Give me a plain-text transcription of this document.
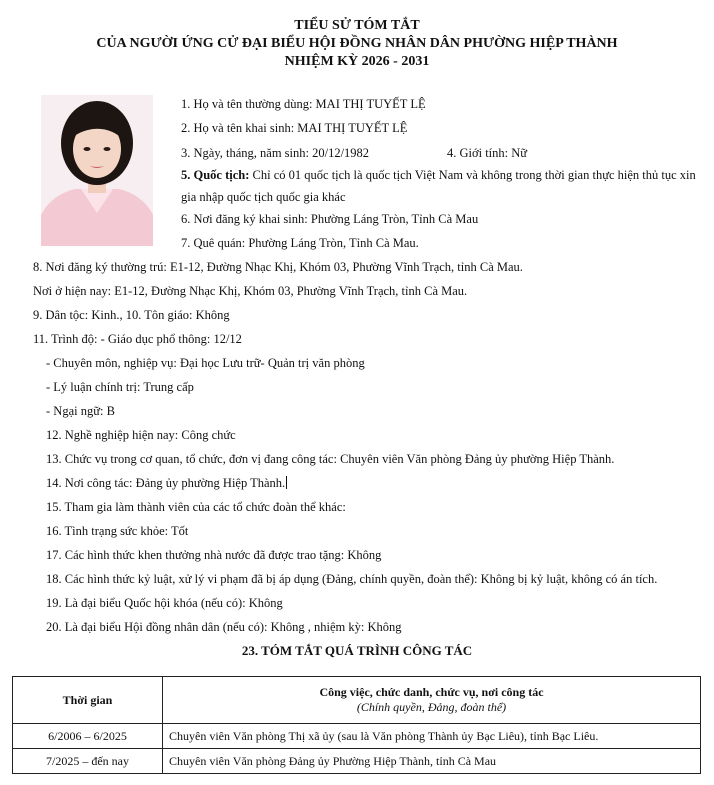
TIỂU SỬ TÓM TẮT
CỦA NGƯỜI ỨNG CỬ ĐẠI BIỂU HỘI ĐỒNG NHÂN DÂN PHƯỜNG HIỆP THÀNH
NHIỆM KỲ 2026 - 2031
1. Họ và tên thường dùng: MAI THỊ TUYẾT LỆ
2. Họ và tên khai sinh: MAI THỊ TUYẾT LỆ
3. Ngày, tháng, năm sinh: 20/12/1982	4. Giới tính: Nữ
5. Quốc tịch: Chỉ có 01 quốc tịch là quốc tịch Việt Nam và không trong thời gian thực hiện thủ tục xin gia nhập quốc tịch quốc gia khác
6. Nơi đăng ký khai sinh: Phường Láng Tròn, Tỉnh Cà Mau
7. Quê quán: Phường Láng Tròn, Tỉnh Cà Mau.
8. Nơi đăng ký thường trú: E1-12, Đường Nhạc Khị, Khóm 03, Phường Vĩnh Trạch, tỉnh Cà Mau.
Nơi ở hiện nay: E1-12, Đường Nhạc Khị, Khóm 03, Phường Vĩnh Trạch, tỉnh Cà Mau.
9. Dân tộc: Kinh., 10. Tôn giáo: Không
11. Trình độ: - Giáo dục phổ thông: 12/12
- Chuyên môn, nghiệp vụ: Đại học Lưu trữ- Quản trị văn phòng
- Lý luận chính trị: Trung cấp
- Ngại ngữ: B
12. Nghề nghiệp hiện nay: Công chức
13. Chức vụ trong cơ quan, tổ chức, đơn vị đang công tác: Chuyên viên Văn phòng Đảng ủy phường Hiệp Thành.
14. Nơi công tác: Đảng ủy phường Hiệp Thành.
15. Tham gia làm thành viên của các tổ chức đoàn thể khác:
16. Tình trạng sức khỏe: Tốt
17. Các hình thức khen thưởng nhà nước đã được trao tặng: Không
18. Các hình thức kỷ luật, xử lý vi phạm đã bị áp dụng (Đảng, chính quyền, đoàn thể): Không bị kỷ luật, không có án tích.
19. Là đại biểu Quốc hội khóa (nếu có): Không
20. Là đại biểu Hội đồng nhân dân (nếu có): Không , nhiệm kỳ: Không
23. TÓM TẮT QUÁ TRÌNH CÔNG TÁC
Thời gian	Công việc, chức danh, chức vụ, nơi công tác
(Chính quyền, Đảng, đoàn thể)

6/2006 – 6/2025	Chuyên viên Văn phòng Thị xã ủy (sau là Văn phòng Thành ủy Bạc Liêu), tỉnh Bạc Liêu.
7/2025 – đến nay	Chuyên viên Văn phòng Đảng ủy Phường Hiệp Thành, tỉnh Cà Mau
